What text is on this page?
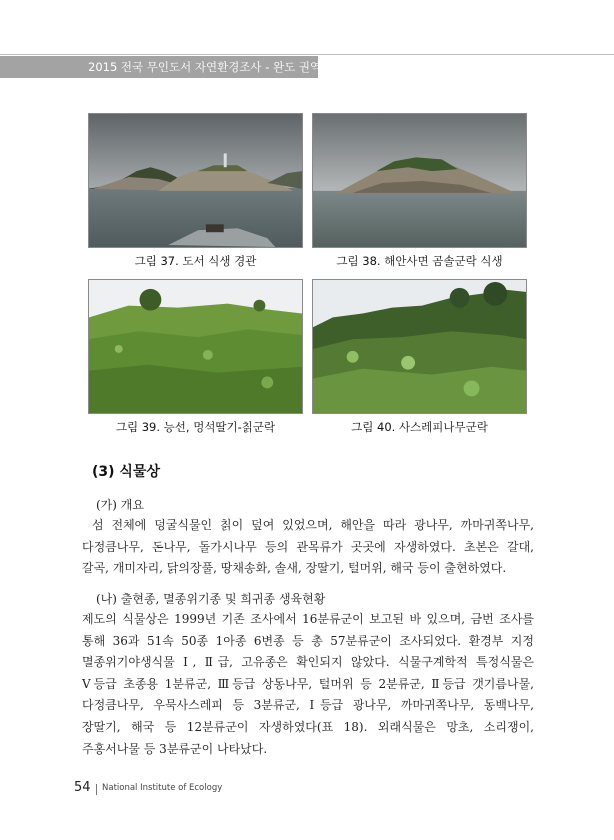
2015 전국 무인도서 자연환경조사 - 완도 권역
그림 37. 도서 식생 경관	그림 38. 해안사면 곰솔군락 식생
그림 39. 능선, 멍석딸기-칡군락	그림 40. 사스레피나무군락
(3) 식물상
(가) 개요
섬 전체에 덩굴식물인 칡이 덮여 있었으며, 해안을 따라 광나무, 까마귀쪽나무,
다정큼나무, 돈나무, 돌가시나무 등의 관목류가 곳곳에 자생하였다. 초본은 갈대,
갈곡, 개미자리, 닭의장풀, 땅채송화, 솔새, 장딸기, 털머위, 해국 등이 출현하였다.
(나) 출현종, 멸종위기종 및 희귀종 생육현황
제도의 식물상은 1999년 기존 조사에서 16분류군이 보고된 바 있으며, 금번 조사를
통해 36과 51속 50종 1아종 6변종 등 총 57분류군이 조사되었다. 환경부 지정
멸종위기야생식물 Ⅰ, Ⅱ급, 고유종은 확인되지 않았다. 식물구계학적 특정식물은
Ⅴ등급 초종용 1분류군, Ⅲ등급 상동나무, 털머위 등 2분류군, Ⅱ등급 갯기름나물,
다정큼나무, 우묵사스레피 등 3분류군, Ⅰ등급 광나무, 까마귀쪽나무, 동백나무,
장딸기, 해국 등 12분류군이 자생하였다(표 18). 외래식물은 망초, 소리쟁이,
주홍서나물 등 3분류군이 나타났다.
54 National Institute of Ecology
